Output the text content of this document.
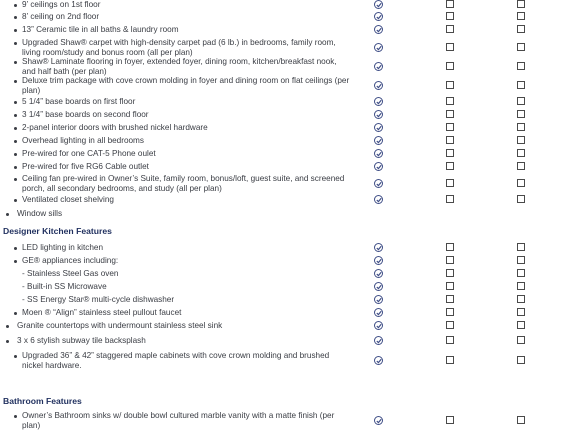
Window sills
Designer Kitchen Features
Bathroom Features
9’ ceilings on 1st floor
8’ ceiling on 2nd floor
13” Ceramic tile in all baths & laundry room
Upgraded Shaw® carpet with high-density carpet pad (6 lb.) in bedrooms, family room, living room/study and bonus room (all per plan)
Shaw® Laminate flooring in foyer, extended foyer, dining room, kitchen/breakfast nook, and half bath (per plan)
Deluxe trim package with cove crown molding in foyer and dining room on flat ceilings (per plan)
5 1/4” base boards on first floor
3 1/4” base boards on second floor
2-panel interior doors with brushed nickel hardware
Overhead lighting in all bedrooms
Pre-wired for one CAT-5 Phone oulet
Pre-wired for five RG6 Cable outlet
Ceiling fan pre-wired in Owner’s Suite, family room, bonus/loft, guest suite, and screened porch, all secondary bedrooms, and study (all per plan)
Ventilated closet shelving
LED lighting in kitchen
GE® appliances including:
- Stainless Steel Gas oven
- Built-in SS Microwave
- SS Energy Star® multi-cycle dishwasher
Moen ® “Align” stainless steel pullout faucet
Granite countertops with undermount stainless steel sink
3 x 6 stylish subway tile backsplash
Upgraded 36” & 42” staggered maple cabinets with cove crown molding and brushed nickel hardware.
Owner’s Bathroom sinks w/ double bowl cultured marble vanity with a matte finish (per plan)
